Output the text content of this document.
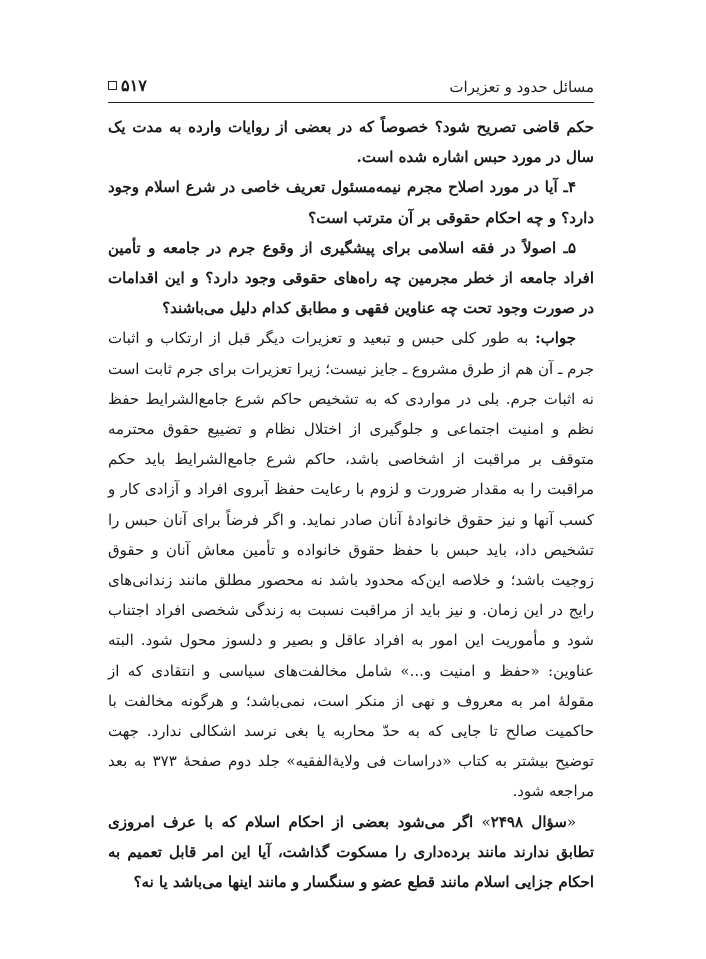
مسائل حدود و تعزیرات
۵۱۷

حکم قاضی تصریح شود؟ خصوصاً که در بعضی از روایات وارده به مدت یک سال در مورد حبس اشاره شده است.

۴ـ آیا در مورد اصلاح مجرم نیمه‌مسئول تعریف خاصی در شرع اسلام وجود دارد؟ و چه احکام حقوقی بر آن مترتب است؟

۵ـ اصولاً در فقه اسلامی برای پیشگیری از وقوع جرم در جامعه و تأمین افراد جامعه از خطر مجرمین چه راه‌های حقوقی وجود دارد؟ و این اقدامات در صورت وجود تحت چه عناوین فقهی و مطابق کدام دلیل می‌باشند؟

جواب: به طور کلی حبس و تبعید و تعزیرات دیگر قبل از ارتکاب و اثبات جرم ـ آن هم از طرق مشروع ـ جایز نیست؛ زیرا تعزیرات برای جرم ثابت است نه اثبات جرم. بلی در مواردی که به تشخیص حاکم شرع جامع‌الشرایط حفظ نظم و امنیت اجتماعی و جلوگیری از اختلال نظام و تضییع حقوق محترمه متوقف بر مراقبت از اشخاصی باشد، حاکم شرع جامع‌الشرایط باید حکم مراقبت را به مقدار ضرورت و لزوم با رعایت حفظ آبروی افراد و آزادی کار و کسب آنها و نیز حقوق خانوادهٔ آنان صادر نماید. و اگر فرضاً برای آنان حبس را تشخیص داد، باید حبس با حفظ حقوق خانواده و تأمین معاش آنان و حقوق زوجیت باشد؛ و خلاصه این‌که محدود باشد نه محصور مطلق مانند زندانی‌های رایج در این زمان. و نیز باید از مراقبت نسبت به زندگی شخصی افراد اجتناب شود و مأموریت این امور به افراد عاقل و بصیر و دلسوز محول شود. البته عناوین: «حفظ و امنیت و...» شامل مخالفت‌های سیاسی و انتقادی که از مقولهٔ امر به معروف و نهی از منکر است، نمی‌باشد؛ و هرگونه مخالفت با حاکمیت صالح تا جایی که به حدّ محاربه یا بغی نرسد اشکالی ندارد. جهت توضیح بیشتر به کتاب «دراسات فی ولایة‌الفقیه» جلد دوم صفحهٔ ۳۷۳ به بعد مراجعه شود.

«سؤال ۲۴۹۸» اگر می‌شود بعضی از احکام اسلام که با عرف امروزی تطابق ندارند مانند برده‌داری را مسکوت گذاشت، آیا این امر قابل تعمیم به احکام جزایی اسلام مانند قطع عضو و سنگسار و مانند اینها می‌باشد یا نه؟
